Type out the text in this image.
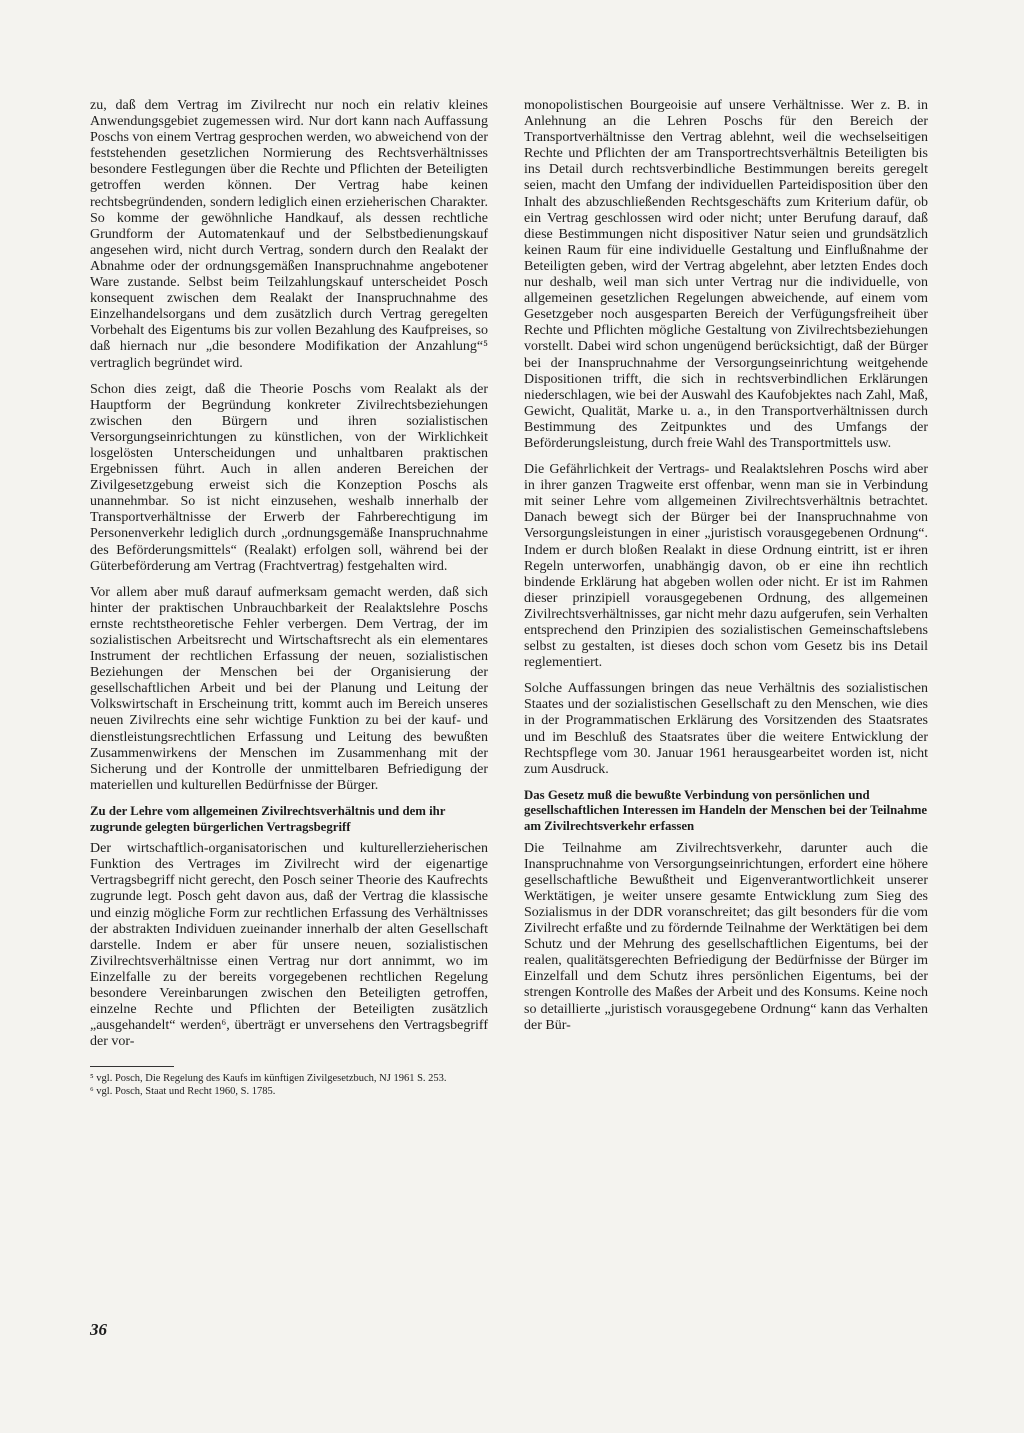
zu, daß dem Vertrag im Zivilrecht nur noch ein relativ kleines Anwendungsgebiet zugemessen wird. Nur dort kann nach Auffassung Poschs von einem Vertrag gesprochen werden, wo abweichend von der feststehenden gesetzlichen Normierung des Rechtsverhältnisses besondere Festlegungen über die Rechte und Pflichten der Beteiligten getroffen werden können. Der Vertrag habe keinen rechtsbegründenden, sondern lediglich einen erzieherischen Charakter. So komme der gewöhnliche Handkauf, als dessen rechtliche Grundform der Automatenkauf und der Selbstbedienungskauf angesehen wird, nicht durch Vertrag, sondern durch den Realakt der Abnahme oder der ordnungsgemäßen Inanspruchnahme angebotener Ware zustande. Selbst beim Teilzahlungskauf unterscheidet Posch konsequent zwischen dem Realakt der Inanspruchnahme des Einzelhandelsorgans und dem zusätzlich durch Vertrag geregelten Vorbehalt des Eigentums bis zur vollen Bezahlung des Kaufpreises, so daß hiernach nur „die besondere Modifikation der Anzahlung“⁵ vertraglich begründet wird.

Schon dies zeigt, daß die Theorie Poschs vom Realakt als der Hauptform der Begründung konkreter Zivilrechtsbeziehungen zwischen den Bürgern und ihren sozialistischen Versorgungseinrichtungen zu künstlichen, von der Wirklichkeit losgelösten Unterscheidungen und unhaltbaren praktischen Ergebnissen führt. Auch in allen anderen Bereichen der Zivilgesetzgebung erweist sich die Konzeption Poschs als unannehmbar. So ist nicht einzusehen, weshalb innerhalb der Transportverhältnisse der Erwerb der Fahrberechtigung im Personenverkehr lediglich durch „ordnungsgemäße Inanspruchnahme des Beförderungsmittels“ (Realakt) erfolgen soll, während bei der Güterbeförderung am Vertrag (Frachtvertrag) festgehalten wird.

Vor allem aber muß darauf aufmerksam gemacht werden, daß sich hinter der praktischen Unbrauchbarkeit der Realaktslehre Poschs ernste rechtstheoretische Fehler verbergen. Dem Vertrag, der im sozialistischen Arbeitsrecht und Wirtschaftsrecht als ein elementares Instrument der rechtlichen Erfassung der neuen, sozialistischen Beziehungen der Menschen bei der Organisierung der gesellschaftlichen Arbeit und bei der Planung und Leitung der Volkswirtschaft in Erscheinung tritt, kommt auch im Bereich unseres neuen Zivilrechts eine sehr wichtige Funktion zu bei der kauf- und dienstleistungsrechtlichen Erfassung und Leitung des bewußten Zusammenwirkens der Menschen im Zusammenhang mit der Sicherung und der Kontrolle der unmittelbaren Befriedigung der materiellen und kulturellen Bedürfnisse der Bürger.

Zu der Lehre vom allgemeinen Zivilrechtsverhältnis und dem ihr zugrunde gelegten bürgerlichen Vertragsbegriff

Der wirtschaftlich-organisatorischen und kulturellerzieherischen Funktion des Vertrages im Zivilrecht wird der eigenartige Vertragsbegriff nicht gerecht, den Posch seiner Theorie des Kaufrechts zugrunde legt. Posch geht davon aus, daß der Vertrag die klassische und einzig mögliche Form zur rechtlichen Erfassung des Verhältnisses der abstrakten Individuen zueinander innerhalb der alten Gesellschaft darstelle. Indem er aber für unsere neuen, sozialistischen Zivilrechtsverhältnisse einen Vertrag nur dort annimmt, wo im Einzelfalle zu der bereits vorgegebenen rechtlichen Regelung besondere Vereinbarungen zwischen den Beteiligten getroffen, einzelne Rechte und Pflichten der Beteiligten zusätzlich „ausgehandelt“ werden⁶, überträgt er unversehens den Vertragsbegriff der vor-

⁵ vgl. Posch, Die Regelung des Kaufs im künftigen Zivilgesetzbuch, NJ 1961 S. 253.

⁶ vgl. Posch, Staat und Recht 1960, S. 1785.

monopolistischen Bourgeoisie auf unsere Verhältnisse. Wer z. B. in Anlehnung an die Lehren Poschs für den Bereich der Transportverhältnisse den Vertrag ablehnt, weil die wechselseitigen Rechte und Pflichten der am Transportrechtsverhältnis Beteiligten bis ins Detail durch rechtsverbindliche Bestimmungen bereits geregelt seien, macht den Umfang der individuellen Parteidisposition über den Inhalt des abzuschließenden Rechtsgeschäfts zum Kriterium dafür, ob ein Vertrag geschlossen wird oder nicht; unter Berufung darauf, daß diese Bestimmungen nicht dispositiver Natur seien und grundsätzlich keinen Raum für eine individuelle Gestaltung und Einflußnahme der Beteiligten geben, wird der Vertrag abgelehnt, aber letzten Endes doch nur deshalb, weil man sich unter Vertrag nur die individuelle, von allgemeinen gesetzlichen Regelungen abweichende, auf einem vom Gesetzgeber noch ausgesparten Bereich der Verfügungsfreiheit über Rechte und Pflichten mögliche Gestaltung von Zivilrechtsbeziehungen vorstellt. Dabei wird schon ungenügend berücksichtigt, daß der Bürger bei der Inanspruchnahme der Versorgungseinrichtung weitgehende Dispositionen trifft, die sich in rechtsverbindlichen Erklärungen niederschlagen, wie bei der Auswahl des Kaufobjektes nach Zahl, Maß, Gewicht, Qualität, Marke u. a., in den Transportverhältnissen durch Bestimmung des Zeitpunktes und des Umfangs der Beförderungsleistung, durch freie Wahl des Transportmittels usw.

Die Gefährlichkeit der Vertrags- und Realaktslehren Poschs wird aber in ihrer ganzen Tragweite erst offenbar, wenn man sie in Verbindung mit seiner Lehre vom allgemeinen Zivilrechtsverhältnis betrachtet. Danach bewegt sich der Bürger bei der Inanspruchnahme von Versorgungsleistungen in einer „juristisch vorausgegebenen Ordnung“. Indem er durch bloßen Realakt in diese Ordnung eintritt, ist er ihren Regeln unterworfen, unabhängig davon, ob er eine ihn rechtlich bindende Erklärung hat abgeben wollen oder nicht. Er ist im Rahmen dieser prinzipiell vorausgegebenen Ordnung, des allgemeinen Zivilrechtsverhältnisses, gar nicht mehr dazu aufgerufen, sein Verhalten entsprechend den Prinzipien des sozialistischen Gemeinschaftslebens selbst zu gestalten, ist dieses doch schon vom Gesetz bis ins Detail reglementiert.

Solche Auffassungen bringen das neue Verhältnis des sozialistischen Staates und der sozialistischen Gesellschaft zu den Menschen, wie dies in der Programmatischen Erklärung des Vorsitzenden des Staatsrates und im Beschluß des Staatsrates über die weitere Entwicklung der Rechtspflege vom 30. Januar 1961 herausgearbeitet worden ist, nicht zum Ausdruck.

Das Gesetz muß die bewußte Verbindung von persönlichen und gesellschaftlichen Interessen im Handeln der Menschen bei der Teilnahme am Zivilrechtsverkehr erfassen

Die Teilnahme am Zivilrechtsverkehr, darunter auch die Inanspruchnahme von Versorgungseinrichtungen, erfordert eine höhere gesellschaftliche Bewußtheit und Eigenverantwortlichkeit unserer Werktätigen, je weiter unsere gesamte Entwicklung zum Sieg des Sozialismus in der DDR voranschreitet; das gilt besonders für die vom Zivilrecht erfaßte und zu fördernde Teilnahme der Werktätigen bei dem Schutz und der Mehrung des gesellschaftlichen Eigentums, bei der realen, qualitätsgerechten Befriedigung der Bedürfnisse der Bürger im Einzelfall und dem Schutz ihres persönlichen Eigentums, bei der strengen Kontrolle des Maßes der Arbeit und des Konsums. Keine noch so detaillierte „juristisch vorausgegebene Ordnung“ kann das Verhalten der Bür-

36
